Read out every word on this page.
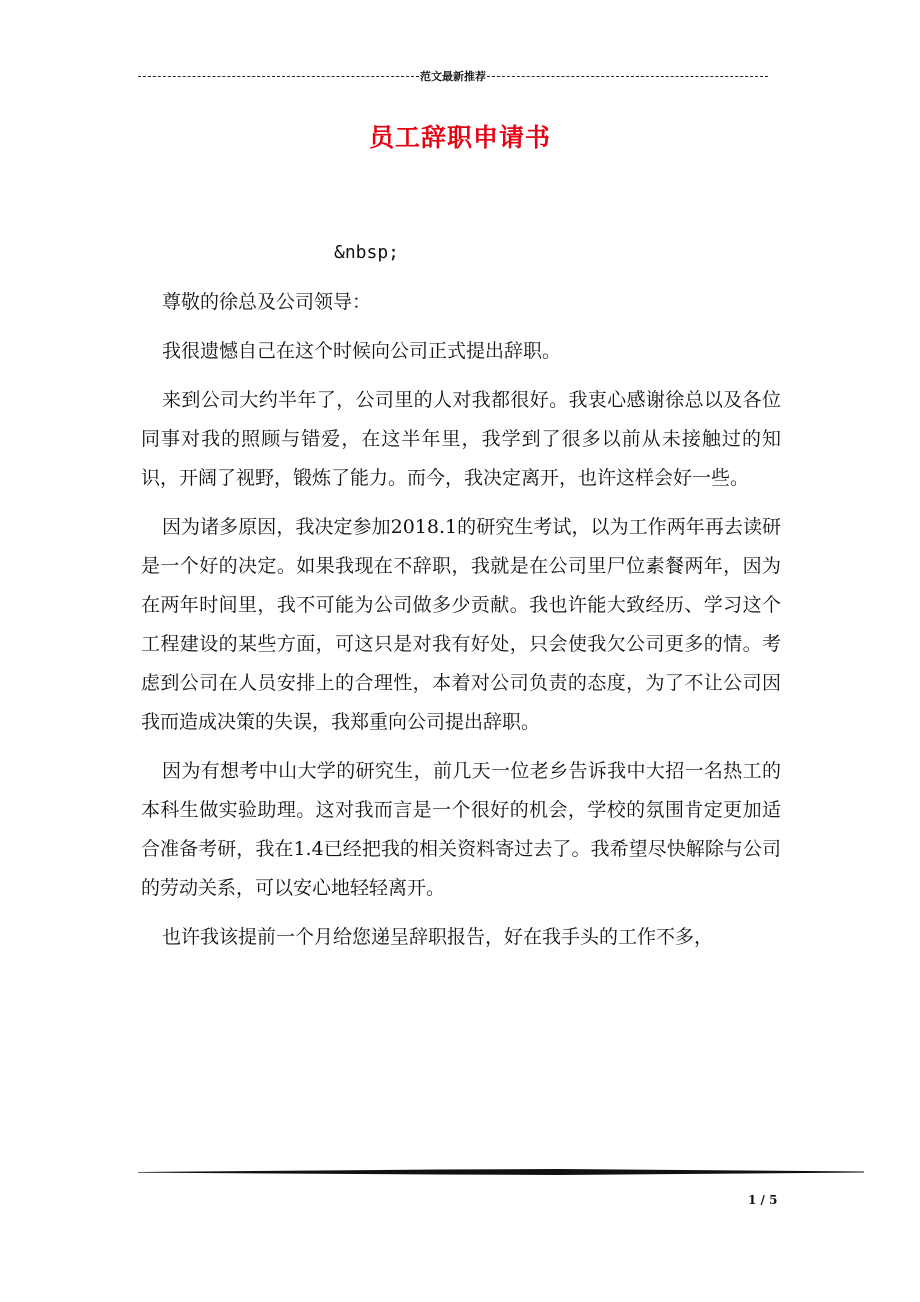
范文最新推荐
员工辞职申请书
&nbsp;

尊敬的徐总及公司领导：

我很遗憾自己在这个时候向公司正式提出辞职。

来到公司大约半年了，公司里的人对我都很好。我衷心感谢徐总以及各位同事对我的照顾与错爱，在这半年里，我学到了很多以前从未接触过的知识，开阔了视野，锻炼了能力。而今，我决定离开，也许这样会好一些。

因为诸多原因，我决定参加2018.1的研究生考试，以为工作两年再去读研是一个好的决定。如果我现在不辞职，我就是在公司里尸位素餐两年，因为在两年时间里，我不可能为公司做多少贡献。我也许能大致经历、学习这个工程建设的某些方面，可这只是对我有好处，只会使我欠公司更多的情。考虑到公司在人员安排上的合理性，本着对公司负责的态度，为了不让公司因我而造成决策的失误，我郑重向公司提出辞职。

因为有想考中山大学的研究生，前几天一位老乡告诉我中大招一名热工的本科生做实验助理。这对我而言是一个很好的机会，学校的氛围肯定更加适合准备考研，我在1.4已经把我的相关资料寄过去了。我希望尽快解除与公司的劳动关系，可以安心地轻轻离开。

也许我该提前一个月给您递呈辞职报告，好在我手头的工作不多，

1 / 5
